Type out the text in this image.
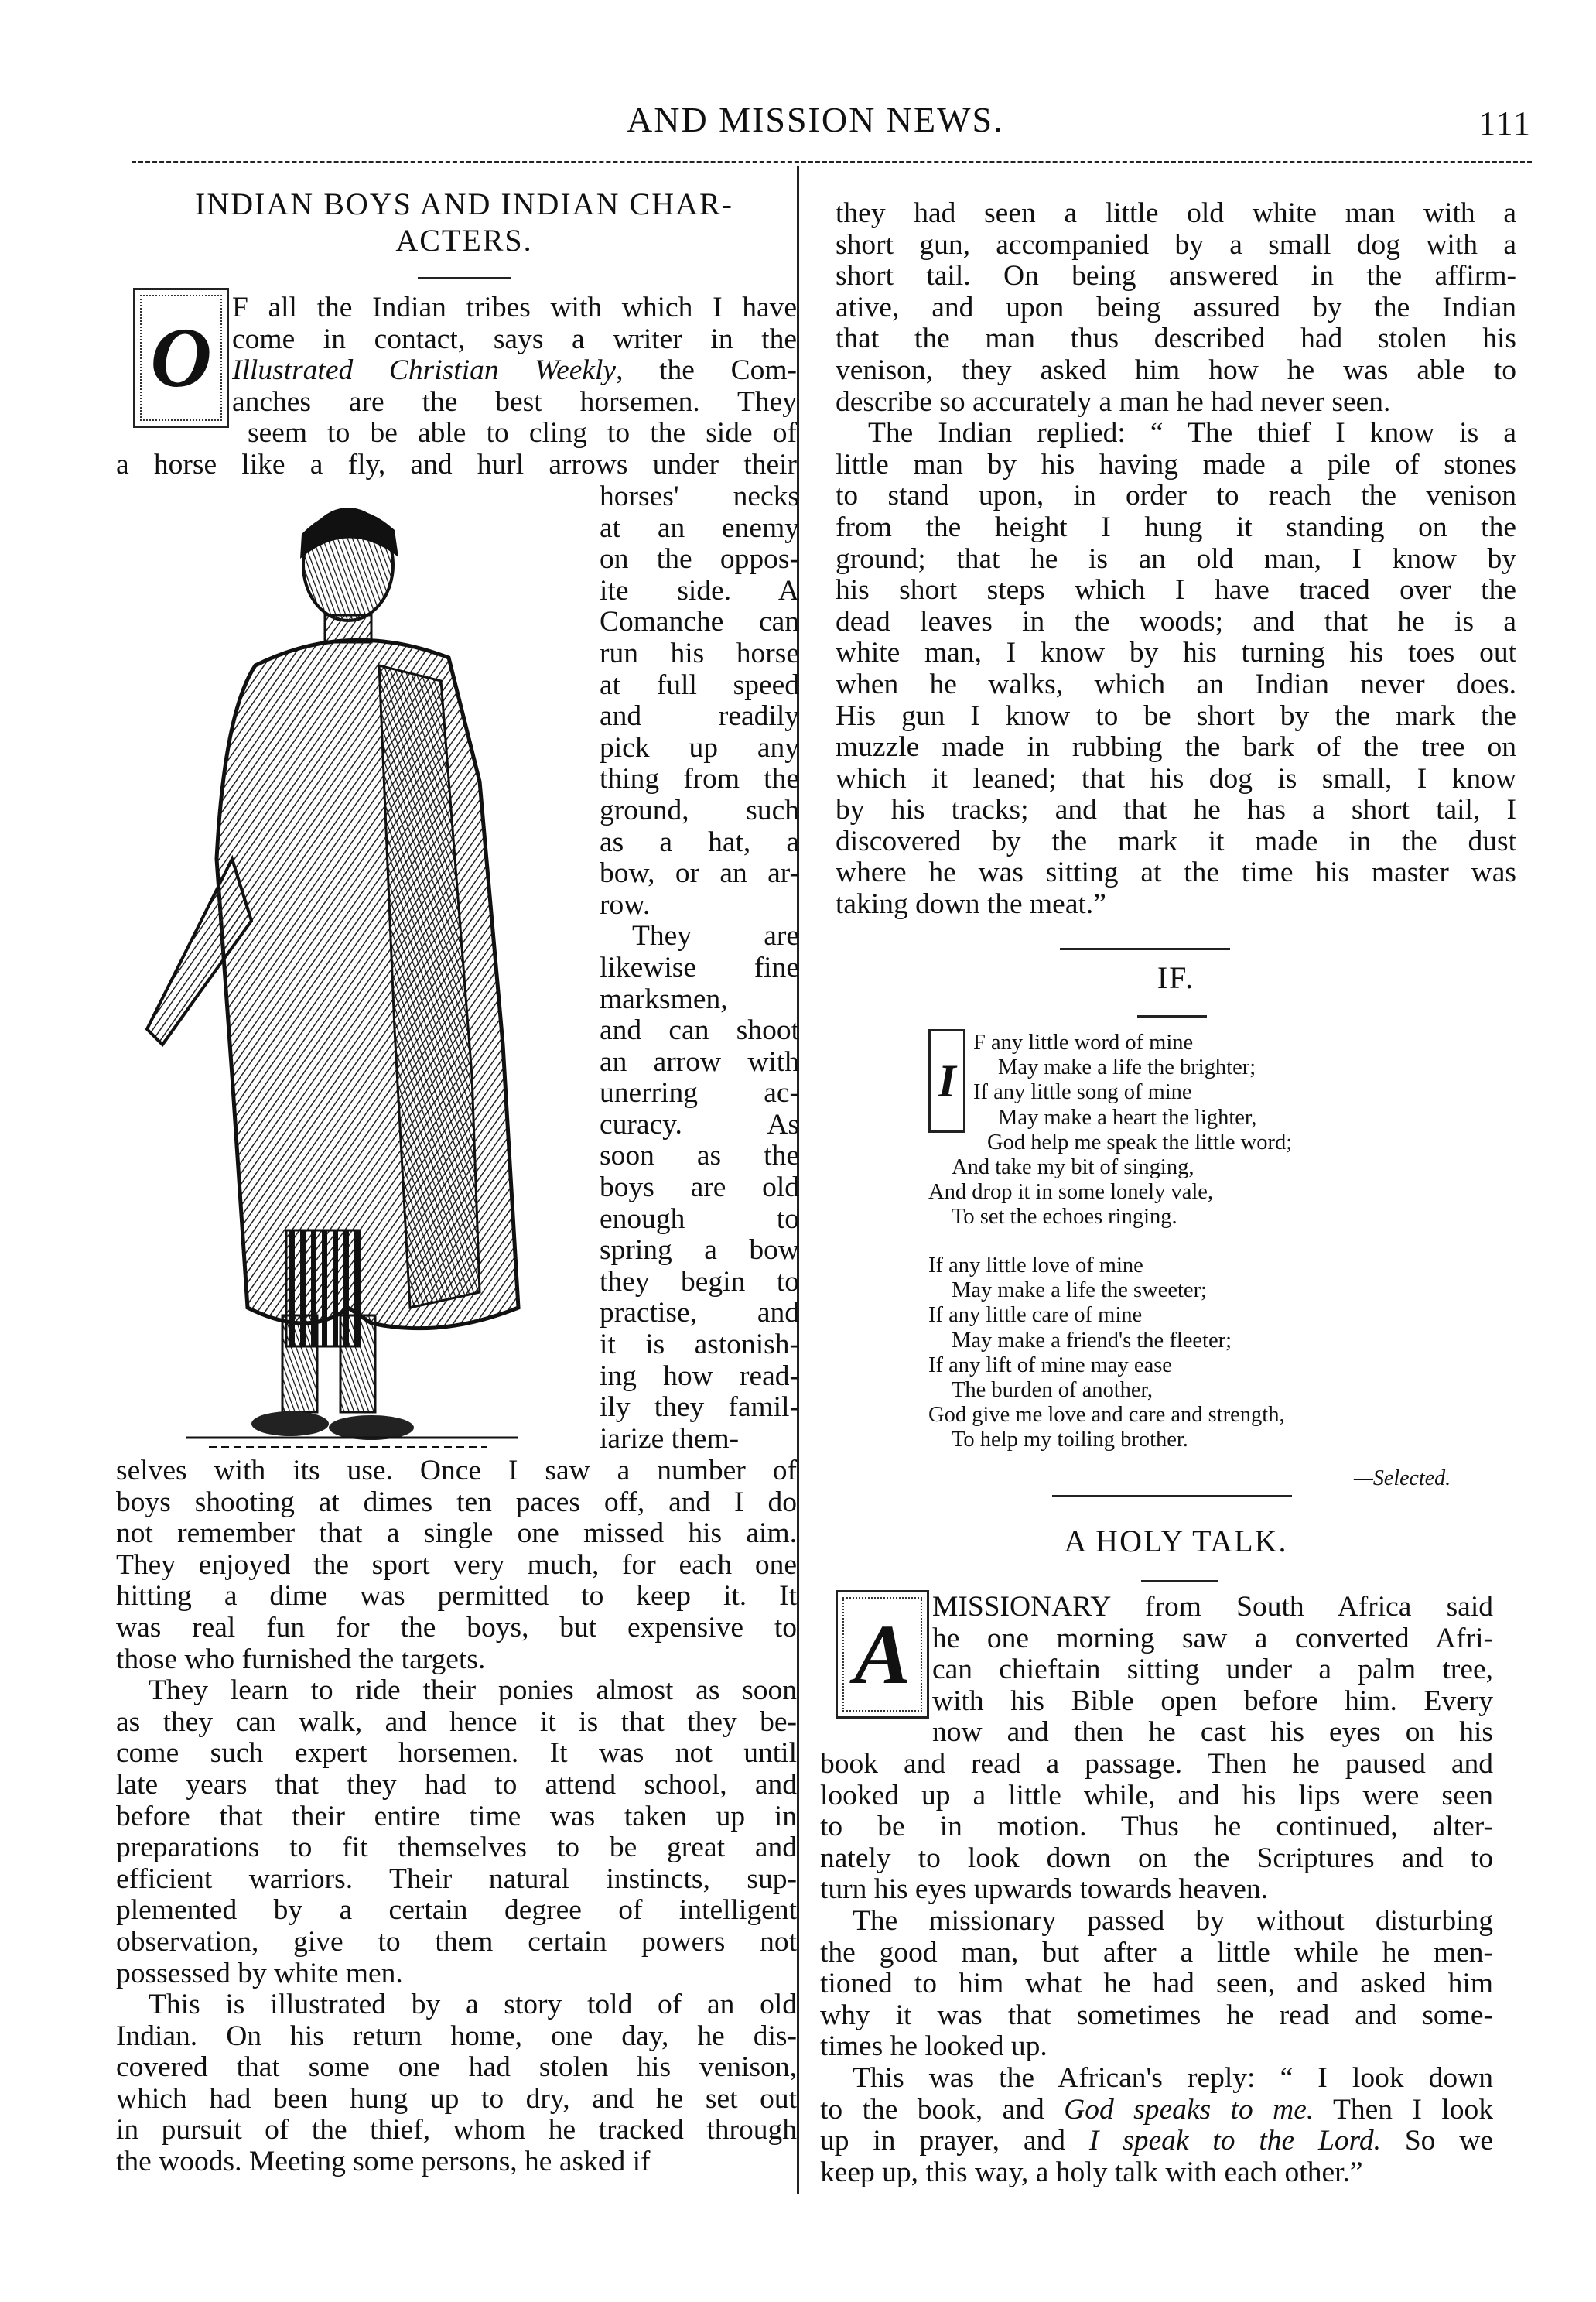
AND MISSION NEWS.	111
INDIAN BOYS AND INDIAN CHAR-
ACTERS.
O
F all the Indian tribes with which I have
come in contact, says a writer in the
Illustrated Christian Weekly, the Com-
anches are the best horsemen. They
seem to be able to cling to the side of
a horse like a fly, and hurl arrows under their
horses' necks
at an enemy
on the oppos-
ite side. A
Comanche can
run his horse
at full speed
and readily
pick up any
thing from the
ground, such
as a hat, a
bow, or an ar-
row.
They are
likewise fine
marksmen,
and can shoot
an arrow with
unerring ac-
curacy. As
soon as the
boys are old
enough to
spring a bow
they begin to
practise, and
it is astonish-
ing how read-
ily they famil-
iarize them-
selves with its use. Once I saw a number of
boys shooting at dimes ten paces off, and I do
not remember that a single one missed his aim.
They enjoyed the sport very much, for each one
hitting a dime was permitted to keep it. It
was real fun for the boys, but expensive to
those who furnished the targets.
They learn to ride their ponies almost as soon
as they can walk, and hence it is that they be-
come such expert horsemen. It was not until
late years that they had to attend school, and
before that their entire time was taken up in
preparations to fit themselves to be great and
efficient warriors. Their natural instincts, sup-
plemented by a certain degree of intelligent
observation, give to them certain powers not
possessed by white men.
This is illustrated by a story told of an old
Indian. On his return home, one day, he dis-
covered that some one had stolen his venison,
which had been hung up to dry, and he set out
in pursuit of the thief, whom he tracked through
the woods. Meeting some persons, he asked if
they had seen a little old white man with a
short gun, accompanied by a small dog with a
short tail. On being answered in the affirm-
ative, and upon being assured by the Indian
that the man thus described had stolen his
venison, they asked him how he was able to
describe so accurately a man he had never seen.
The Indian replied: “ The thief I know is a
little man by his having made a pile of stones
to stand upon, in order to reach the venison
from the height I hung it standing on the
ground; that he is an old man, I know by
his short steps which I have traced over the
dead leaves in the woods; and that he is a
white man, I know by his turning his toes out
when he walks, which an Indian never does.
His gun I know to be short by the mark the
muzzle made in rubbing the bark of the tree on
which it leaned; that his dog is small, I know
by his tracks; and that he has a short tail, I
discovered by the mark it made in the dust
where he was sitting at the time his master was
taking down the meat.”
IF.
I
F any little word of mine
May make a life the brighter;
If any little song of mine
May make a heart the lighter,
God help me speak the little word;
And take my bit of singing,
And drop it in some lonely vale,
To set the echoes ringing.
If any little love of mine
May make a life the sweeter;
If any little care of mine
May make a friend's the fleeter;
If any lift of mine may ease
The burden of another,
God give me love and care and strength,
To help my toiling brother.
—Selected.
A HOLY TALK.
A MISSIONARY from South Africa said
he one morning saw a converted Afri-
can chieftain sitting under a palm tree,
with his Bible open before him. Every
now and then he cast his eyes on his
book and read a passage. Then he paused and
looked up a little while, and his lips were seen
to be in motion. Thus he continued, alter-
nately to look down on the Scriptures and to
turn his eyes upwards towards heaven.
The missionary passed by without disturbing
the good man, but after a little while he men-
tioned to him what he had seen, and asked him
why it was that sometimes he read and some-
times he looked up.
This was the African's reply: “ I look down
to the book, and God speaks to me. Then I look
up in prayer, and I speak to the Lord. So we
keep up, this way, a holy talk with each other.”
